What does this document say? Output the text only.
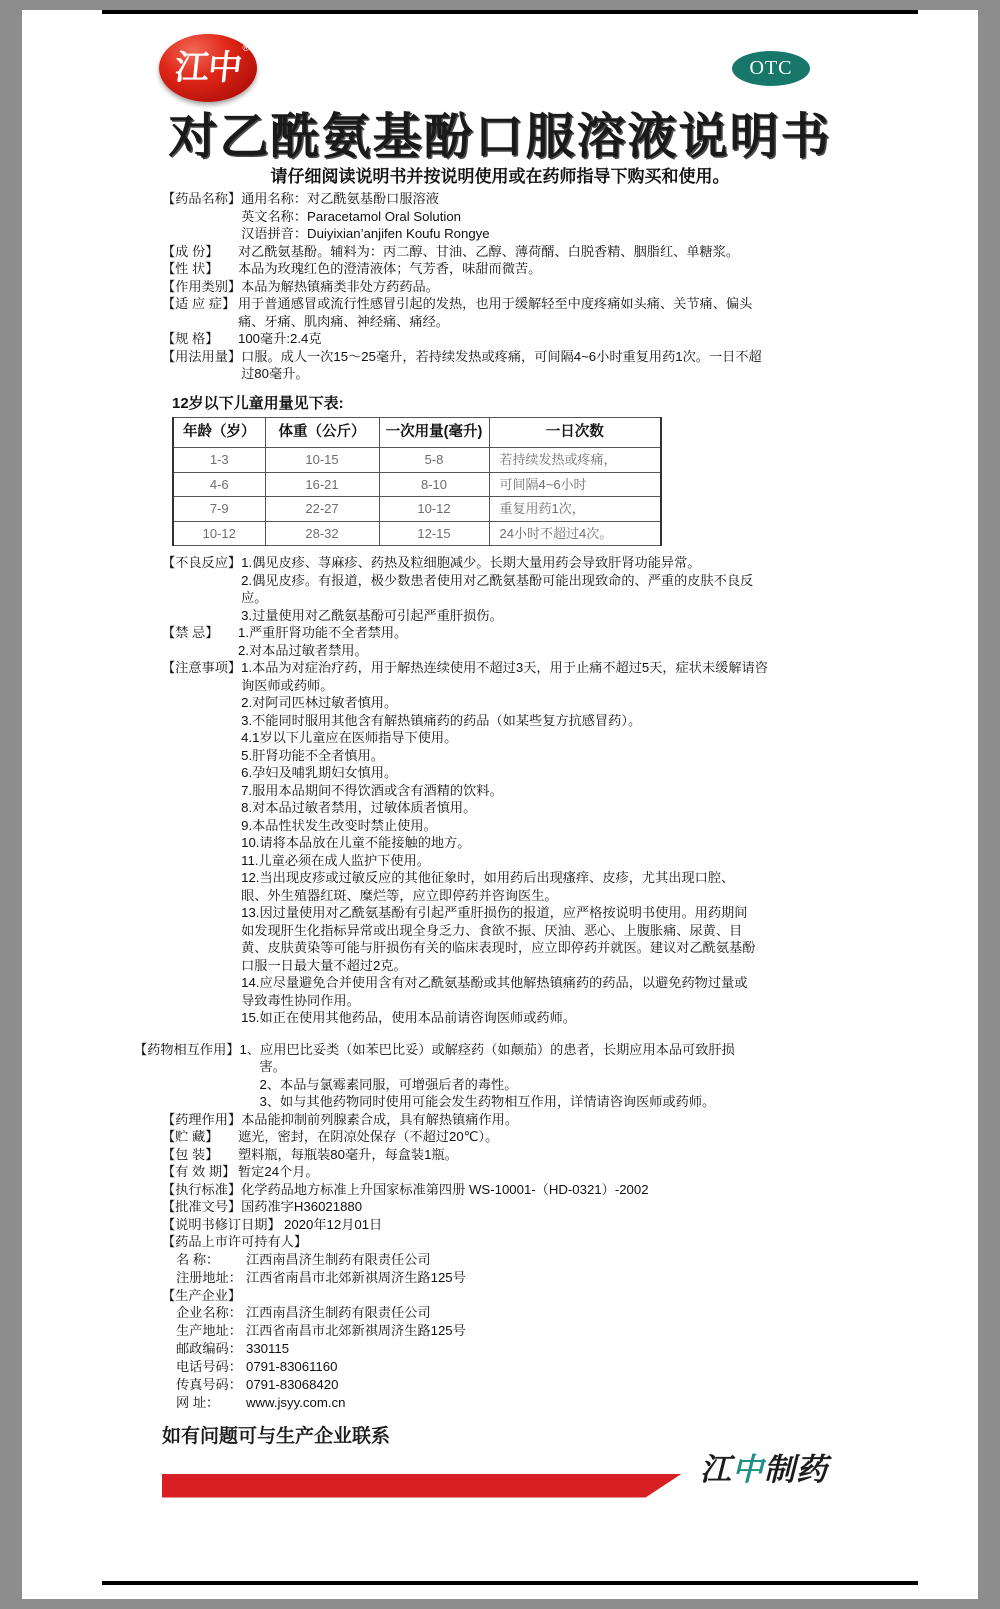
江中 ®
OTC
对乙酰氨基酚口服溶液说明书
请仔细阅读说明书并按说明使用或在药师指导下购买和使用。
【药品名称】 通用名称：对乙酰氨基酚口服溶液
英文名称：Paracetamol Oral Solution
汉语拼音：Duiyixian’anjifen Koufu Rongye
【成 份】	对乙酰氨基酚。辅料为：丙二醇、甘油、乙醇、薄荷醑、白脱香精、胭脂红、单糖浆。
【性 状】	本品为玫瑰红色的澄清液体；气芳香，味甜而微苦。
【作用类别】 本品为解热镇痛类非处方药药品。
【适 应 症】 用于普通感冒或流行性感冒引起的发热，也用于缓解轻至中度疼痛如头痛、关节痛、偏头
痛、牙痛、肌肉痛、神经痛、痛经。
【规 格】	100毫升:2.4克
【用法用量】 口服。成人一次15～25毫升，若持续发热或疼痛，可间隔4~6小时重复用药1次。一日不超
过80毫升。
12岁以下儿童用量见下表:
年龄（岁）	体重（公斤）	一次用量(毫升)	一日次数
1-3	10-15	5-8	若持续发热或疼痛，
4-6	16-21	8-10	可间隔4~6小时
7-9	22-27	10-12	重复用药1次，
10-12	28-32	12-15	24小时不超过4次。
【不良反应】 1.偶见皮疹、荨麻疹、药热及粒细胞减少。长期大量用药会导致肝肾功能异常。
2.偶见皮疹。有报道，极少数患者使用对乙酰氨基酚可能出现致命的、严重的皮肤不良反
应。
3.过量使用对乙酰氨基酚可引起严重肝损伤。
【禁 忌】	1.严重肝肾功能不全者禁用。
2.对本品过敏者禁用。
【注意事项】 1.本品为对症治疗药，用于解热连续使用不超过3天，用于止痛不超过5天，症状未缓解请咨
询医师或药师。
2.对阿司匹林过敏者慎用。
3.不能同时服用其他含有解热镇痛药的药品（如某些复方抗感冒药）。
4.1岁以下儿童应在医师指导下使用。
5.肝肾功能不全者慎用。
6.孕妇及哺乳期妇女慎用。
7.服用本品期间不得饮酒或含有酒精的饮料。
8.对本品过敏者禁用，过敏体质者慎用。
9.本品性状发生改变时禁止使用。
10.请将本品放在儿童不能接触的地方。
11.儿童必须在成人监护下使用。
12.当出现皮疹或过敏反应的其他征象时，如用药后出现瘙痒、皮疹，尤其出现口腔、
眼、外生殖器红斑、糜烂等，应立即停药并咨询医生。
13.因过量使用对乙酰氨基酚有引起严重肝损伤的报道，应严格按说明书使用。用药期间
如发现肝生化指标异常或出现全身乏力、食欲不振、厌油、恶心、上腹胀痛、尿黄、目
黄、皮肤黄染等可能与肝损伤有关的临床表现时，应立即停药并就医。建议对乙酰氨基酚
口服一日最大量不超过2克。
14.应尽量避免合并使用含有对乙酰氨基酚或其他解热镇痛药的药品，以避免药物过量或
导致毒性协同作用。
15.如正在使用其他药品，使用本品前请咨询医师或药师。
【药物相互作用】 1、应用巴比妥类（如苯巴比妥）或解痉药（如颠茄）的患者，长期应用本品可致肝损
害。
2、本品与氯霉素同服，可增强后者的毒性。
3、如与其他药物同时使用可能会发生药物相互作用，详情请咨询医师或药师。
【药理作用】 本品能抑制前列腺素合成，具有解热镇痛作用。
【贮 藏】	遮光，密封，在阴凉处保存（不超过20℃）。
【包 装】	塑料瓶，每瓶装80毫升，每盒装1瓶。
【有 效 期】 暂定24个月。
【执行标准】 化学药品地方标准上升国家标准第四册 WS-10001-（HD-0321）-2002
【批准文号】 国药准字H36021880
【说明书修订日期】 2020年12月01日
【药品上市许可持有人】
名 称： 江西南昌济生制药有限责任公司
注册地址： 江西省南昌市北郊新祺周济生路125号
【生产企业】
企业名称： 江西南昌济生制药有限责任公司
生产地址： 江西省南昌市北郊新祺周济生路125号
邮政编码： 330115
电话号码： 0791-83061160
传真号码： 0791-83068420
网 址： www.jsyy.com.cn
如有问题可与生产企业联系
江中制药
